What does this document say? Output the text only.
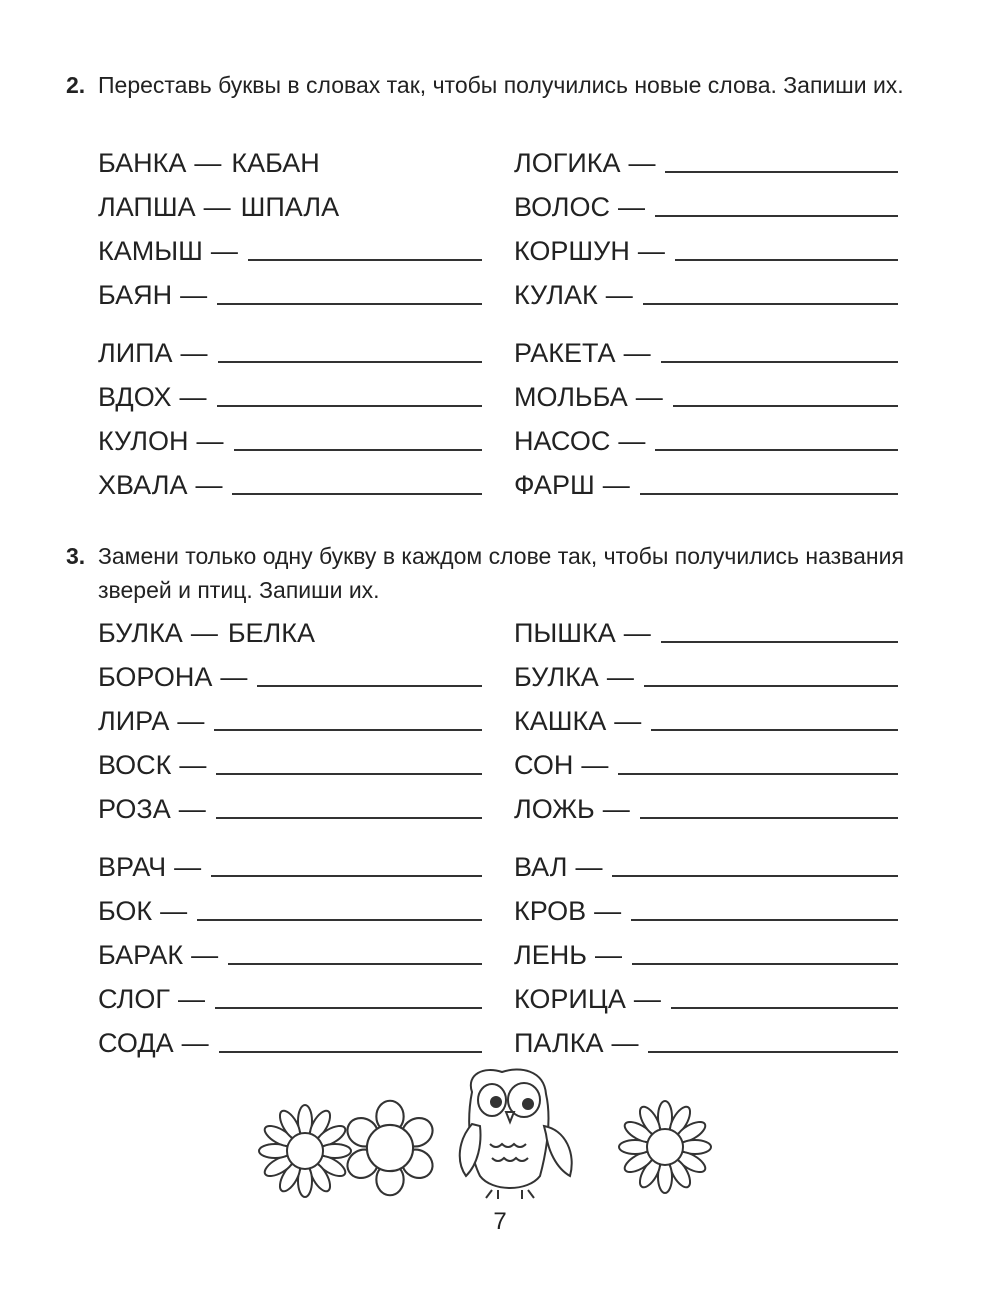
2. Переставь буквы в словах так, чтобы получились новые слова. Запиши их.
БАНКА — КАБАН
ЛАПША — ШПАЛА
КАМЫШ —
БАЯН —
ЛИПА —
ВДОХ —
КУЛОН —
ХВАЛА —
ЛОГИКА —
ВОЛОС —
КОРШУН —
КУЛАК —
РАКЕТА —
МОЛЬБА —
НАСОС —
ФАРШ —
3. Замени только одну букву в каждом слове так, чтобы получились названия зверей и птиц. Запиши их.
БУЛКА — БЕЛКА
БОРОНА —
ЛИРА —
ВОСК —
РОЗА —
ВРАЧ —
БОК —
БАРАК —
СЛОГ —
СОДА —
ПЫШКА —
БУЛКА —
КАШКА —
СОН —
ЛОЖЬ —
ВАЛ —
КРОВ —
ЛЕНЬ —
КОРИЦА —
ПАЛКА —
7
